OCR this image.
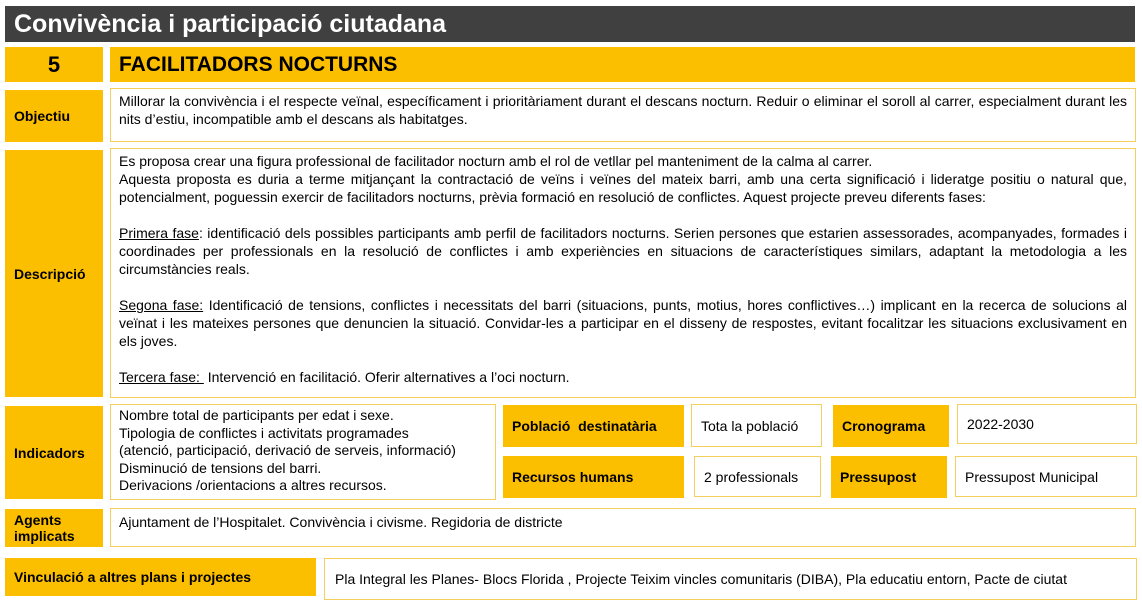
Convivència i participació ciutadana
5	FACILITADORS NOCTURNS
Objectiu

Millorar la convivència i el respecte veïnal, específicament i prioritàriament durant el descans nocturn. Reduir o eliminar el soroll al carrer, especialment durant les nits d’estiu, incompatible amb el descans als habitatges.

Descripció

Es proposa crear una figura professional de facilitador nocturn amb el rol de vetllar pel manteniment de la calma al carrer.

Aquesta proposta es duria a terme mitjançant la contractació de veïns i veïnes del mateix barri, amb una certa significació i lideratge positiu o natural que, potencialment, poguessin exercir de facilitadors nocturns, prèvia formació en resolució de conflictes. Aquest projecte preveu diferents fases:

Primera fase: identificació dels possibles participants amb perfil de facilitadors nocturns. Serien persones que estarien assessorades, acompanyades, formades i coordinades per professionals en la resolució de conflictes i amb experiències en situacions de característiques similars, adaptant la metodologia a les circumstàncies reals.

Segona fase: Identificació de tensions, conflictes i necessitats del barri (situacions, punts, motius, hores conflictives…) implicant en la recerca de solucions al veïnat i les mateixes persones que denuncien la situació. Convidar-les a participar en el disseny de respostes, evitant focalitzar les situacions exclusivament en els joves.

Tercera fase:  Intervenció en facilitació. Oferir alternatives a l’oci nocturn.

Indicadors
Nombre total de participants per edat i sexe.
Tipologia de conflictes i activitats programades
(atenció, participació, derivació de serveis, informació)
Disminució de tensions del barri.
Derivacions /orientacions a altres recursos.
Població  destinatària	Tota la població	Cronograma	2022-2030
Recursos humans	2 professionals	Pressupost	Pressupost Municipal
Agents implicats
Ajuntament de l’Hospitalet. Convivència i civisme. Regidoria de districte
Vinculació a altres plans i projectes	Pla Integral les Planes- Blocs Florida , Projecte Teixim vincles comunitaris (DIBA), Pla educatiu entorn, Pacte de ciutat
